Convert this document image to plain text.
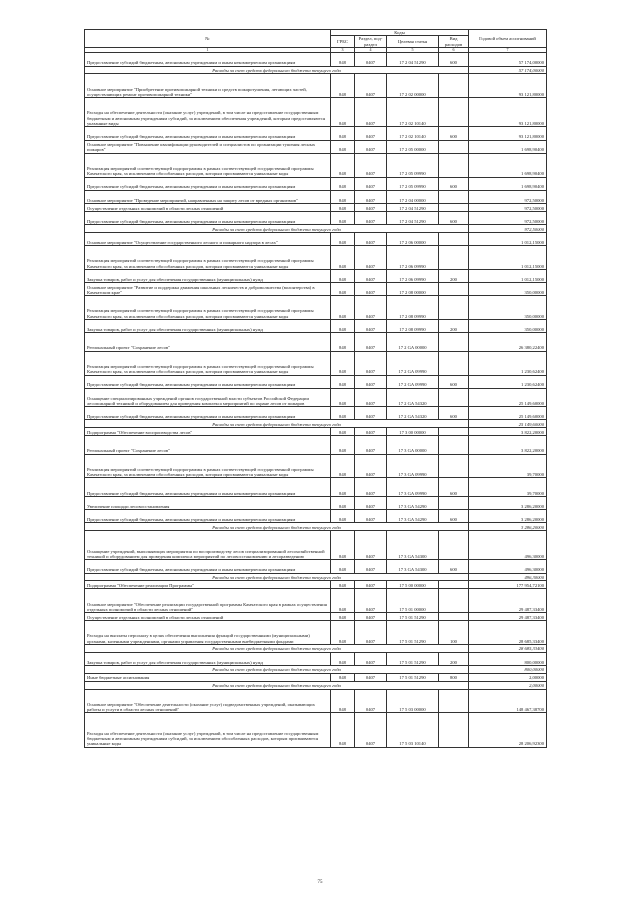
№	Коды				Годовой объем ассигнований
	ГРБС	Раздел, под-раздел	Целевая статья	Вид расходов	
1	3	4	5	6	7
Предоставление субсидий бюджетным, автономным учреждениям и иным некоммерческим организациям	848	0407	17 2 04 51290	600	57 174,00000
Расходы за счет средств федерального бюджета текущего года					57 174,00000
Основное мероприятие "Приобретение противопожарной техники и средств пожаротушения, летающих частей, осуществляющих ремонт противопожарной техники"	848	0407	17 2 02 00000		93 121,80000
Расходы на обеспечение деятельности (оказание услуг) учреждений, в том числе на предоставление государственным бюджетным и автономным учреждениям субсидий, за исключением обеспечения учреждений, которым предоставляются указанные виды	848	0407	17 2 02 10140		93 121,80000
Предоставление субсидий бюджетным, автономным учреждениям и иным некоммерческим организациям	848	0407	17 2 02 10140	600	93 121,80000
Основное мероприятие "Повышение квалификации руководителей и специалистов по организации тушения лесных пожаров"	848	0407	17 2 05 00000		1 698,90400
Реализация мероприятий соответствующей подпрограммы в рамках соответствующей государственной программы Камчатского края, за исключением обособленных расходов, которым присваиваются уникальные коды	848	0407	17 2 05 09990		1 698,90400
Предоставление субсидий бюджетным, автономным учреждениям и иным некоммерческим организациям	848	0407	17 2 05 09990	600	1 698,90400
Основное мероприятие "Проведение мероприятий, направленных на защиту лесов от вредных организмов"	848	0407	17 2 04 00000		972,50000
Осуществление отдельных полномочий в области лесных отношений	848	0407	17 2 04 51290		972,50000
Предоставление субсидий бюджетным, автономным учреждениям и иным некоммерческим организациям	848	0407	17 2 04 51290	600	972,50000
Расходы за счет средств федерального бюджета текущего года					972,50000
Основное мероприятие "Осуществление государственного лесного и пожарного надзора в лесах"	848	0407	17 2 06 00000		1 012,15000
Реализация мероприятий соответствующей подпрограммы в рамках соответствующей государственной программы Камчатского края, за исключением обособленных расходов, которым присваиваются уникальные коды	848	0407	17 2 06 09990		1 012,15000
Закупка товаров, работ и услуг для обеспечения государственных (муниципальных) нужд	848	0407	17 2 06 09990	200	1 012,15000
Основное мероприятие "Развитие и поддержка движения школьных лесничеств и добровольчества (волонтерства) в Камчатском крае"	848	0407	17 2 08 00000		350,00000
Реализация мероприятий соответствующей подпрограммы в рамках соответствующей государственной программы Камчатского края, за исключением обособленных расходов, которым присваиваются уникальные коды	848	0407	17 2 08 09990		350,00000
Закупка товаров, работ и услуг для обеспечения государственных (муниципальных) нужд	848	0407	17 2 08 09990	200	350,00000
Региональный проект "Сохранение лесов"	848	0407	17 2 GA 00000		26 380,22400
Реализация мероприятий соответствующей подпрограммы в рамках соответствующей государственной программы Камчатского края, за исключением обособленных расходов, которым присваиваются уникальные коды	848	0407	17 2 GA 09990		1 230,62400
Предоставление субсидий бюджетным, автономным учреждениям и иным некоммерческим организациям	848	0407	17 2 GA 09990	600	1 230,62400
Оснащение специализированных учреждений органов государственной власти субъектов Российской Федерации лесопожарной техникой и оборудованием для проведения комплекса мероприятий по охране лесов от пожаров	848	0407	17 2 GA 54320		25 149,60000
Предоставление субсидий бюджетным, автономным учреждениям и иным некоммерческим организациям	848	0407	17 2 GA 54320	600	25 149,60000
Расходы за счет средств федерального бюджета текущего года					25 149,60000
Подпрограмма "Обеспечение воспроизводства лесов"	848	0407	17 3 00 00000		3 822,20000
Региональный проект "Сохранение лесов"	848	0407	17 3 GA 00000		3 822,20000
Реализация мероприятий соответствующей подпрограммы в рамках соответствующей государственной программы Камчатского края, за исключением обособленных расходов, которым присваиваются уникальные коды	848	0407	17 3 GA 09990		39,70000
Предоставление субсидий бюджетным, автономным учреждениям и иным некоммерческим организациям	848	0407	17 3 GA 09990	600	39,70000
Увеличение площади лесовосстановления	848	0407	17 3 GA 54290		3 286,20000
Предоставление субсидий бюджетным, автономным учреждениям и иным некоммерческим организациям	848	0407	17 3 GA 54290	600	3 286,20000
Расходы за счет средств федерального бюджета текущего года					3 286,20000
Оснащение учреждений, выполняющих мероприятия по воспроизводству лесов специализированной лесохозяйственной техникой и оборудованием для проведения комплекса мероприятий по лесовосстановлению и лесоразведению	848	0407	17 3 GA 54300		496,30000
Предоставление субсидий бюджетным, автономным учреждениям и иным некоммерческим организациям	848	0407	17 3 GA 54300	600	496,30000
Расходы за счет средств федерального бюджета текущего года					496,30000
Подпрограмма "Обеспечение реализации Программы"	848	0407	17 5 00 00000		177 954,72100
Основное мероприятие "Обеспечение реализации государственной программы Камчатского края в рамках осуществления отдельных полномочий в области лесных отношений"	848	0407	17 5 01 00000		29 487,33400
Осуществление отдельных полномочий в области лесных отношений	848	0407	17 5 01 51290		29 487,33400
Расходы на выплаты персоналу в целях обеспечения выполнения функций государственными (муниципальными) органами, казенными учреждениями, органами управления государственными внебюджетными фондами	848	0407	17 5 01 51290	100	28 685,33400
Расходы за счет средств федерального бюджета текущего года					28 685,33400
Закупка товаров, работ и услуг для обеспечения государственных (муниципальных) нужд	848	0407	17 5 01 51290	200	800,00000
Расходы за счет средств федерального бюджета текущего года					800,00000
Иные бюджетные ассигнования	848	0407	17 5 01 51290	800	2,00000
Расходы за счет средств федерального бюджета текущего года					2,00000
Основное мероприятие "Обеспечение деятельности (оказание услуг) подведомственных учреждений, оказывающих работы и услуги в области лесных отношений"	848	0407	17 5 03 00000		148 467,38700
Расходы на обеспечение деятельности (оказание услуг) учреждений, в том числе на предоставление государственным бюджетным и автономным учреждениям субсидий, за исключением обособленных расходов, которым присваиваются уникальные коды	848	0407	17 5 03 10140		28 206,92300
75
